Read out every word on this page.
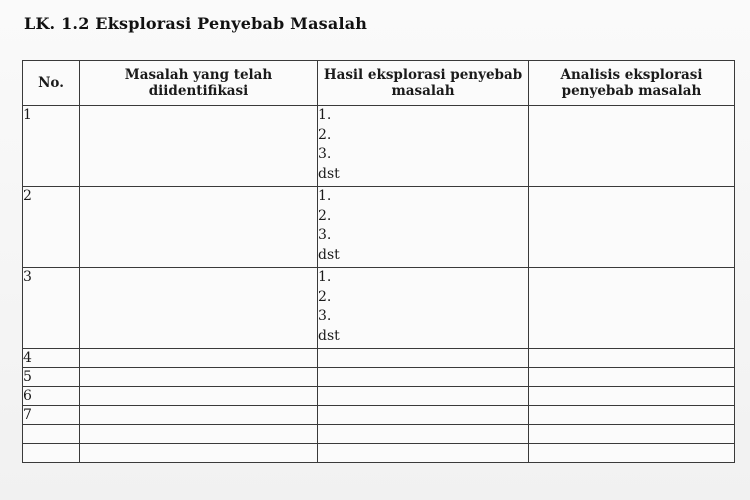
LK. 1.2 Eksplorasi Penyebab Masalah
No.	Masalah yang telah diidentifikasi	Hasil eksplorasi penyebab masalah	Analisis eksplorasi penyebab masalah
1		1.
2.
3.
dst	

2		1.
2.
3.
dst	

3		1.
2.
3.
dst	

4			
5			
6			
7			
